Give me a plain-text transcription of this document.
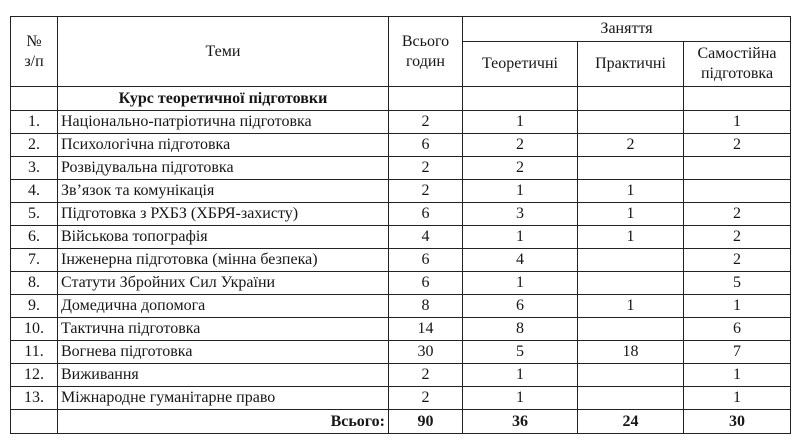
№
з/п	Теми	Всього годин	Заняття		
			Теоретичні	Практичні	Самостійна підготовка
	Курс теоретичної підготовки				
1.	Національно-патріотична підготовка	2	1		1
2.	Психологічна підготовка	6	2	2	2
3.	Розвідувальна підготовка	2	2		
4.	Зв’язок та комунікація	2	1	1	
5.	Підготовка з РХБЗ (ХБРЯ-захисту)	6	3	1	2
6.	Військова топографія	4	1	1	2
7.	Інженерна підготовка (мінна безпека)	6	4		2
8.	Статути Збройних Сил України	6	1		5
9.	Домедична допомога	8	6	1	1
10.	Тактична підготовка	14	8		6
11.	Вогнева підготовка	30	5	18	7
12.	Виживання	2	1		1
13.	Міжнародне гуманітарне право	2	1		1
	Всього:	90	36	24	30
